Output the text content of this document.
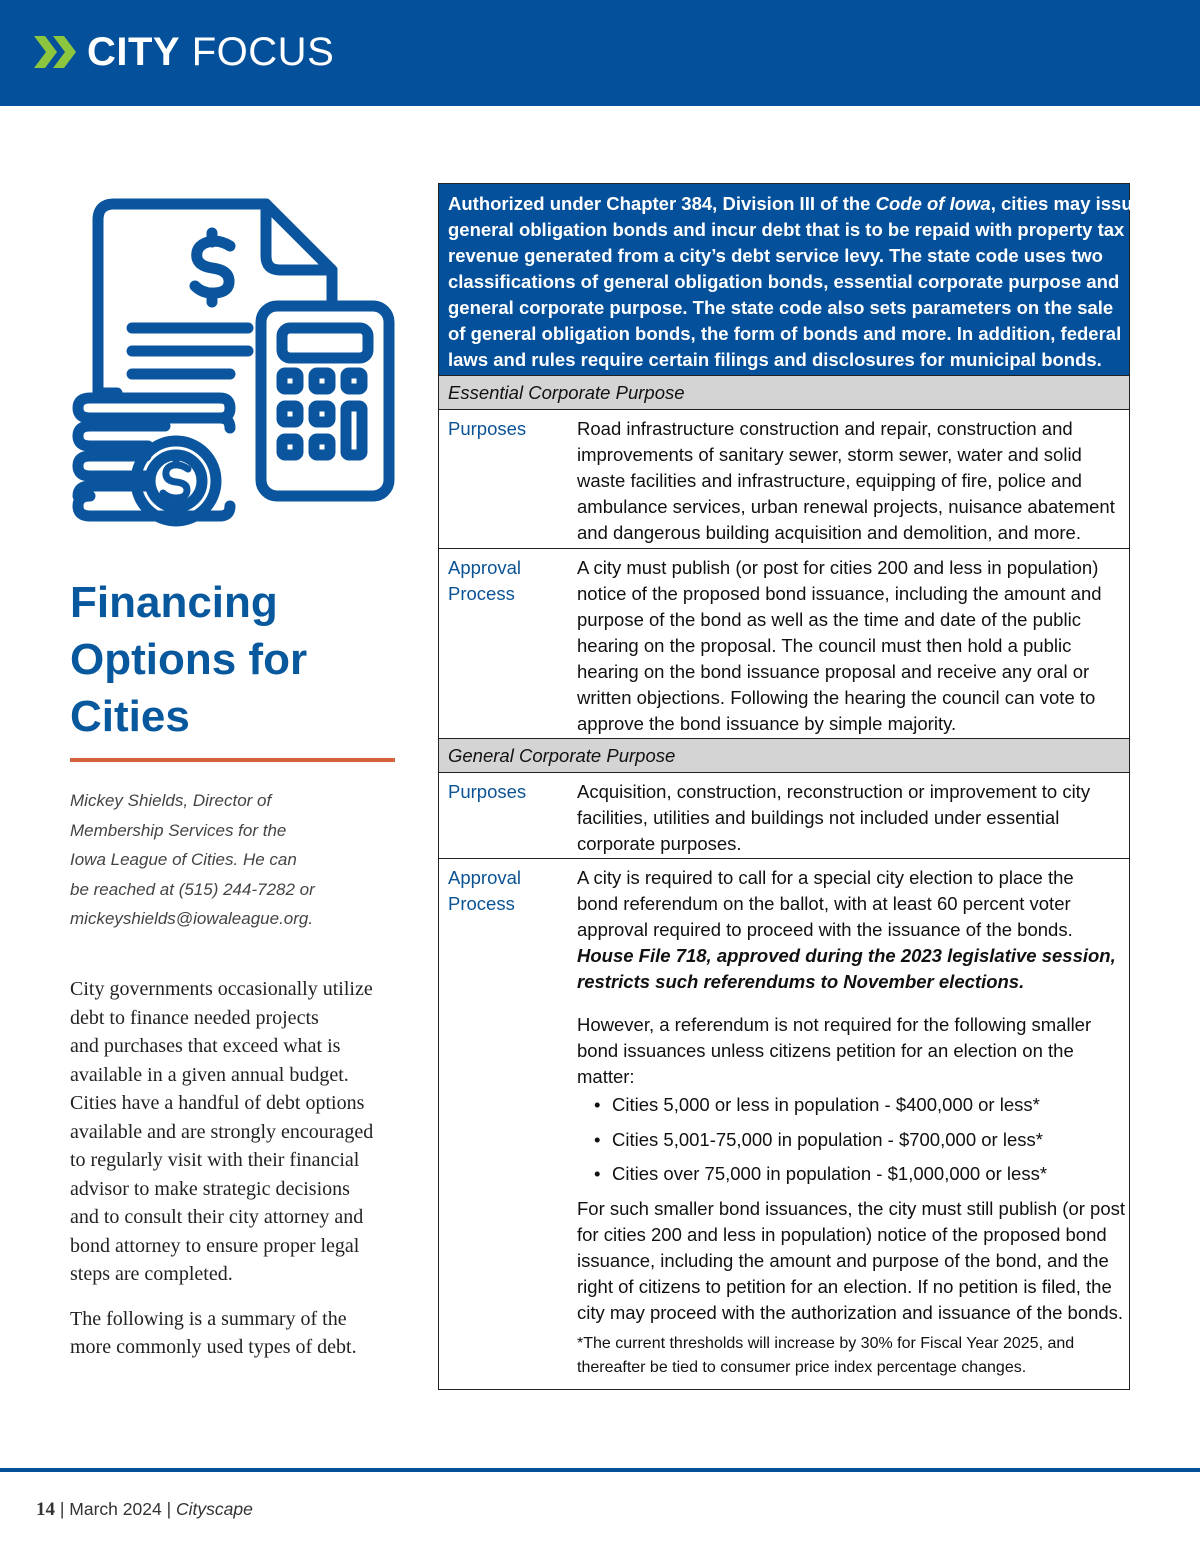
CITY FOCUS
Financing
Options for
Cities
Mickey Shields, Director of
Membership Services for the
Iowa League of Cities. He can
be reached at (515) 244-7282 or
mickeyshields@iowaleague.org.

City governments occasionally utilize
debt to finance needed projects
and purchases that exceed what is
available in a given annual budget.
Cities have a handful of debt options
available and are strongly encouraged
to regularly visit with their financial
advisor to make strategic decisions
and to consult their city attorney and
bond attorney to ensure proper legal
steps are completed.

The following is a summary of the
more commonly used types of debt.

Authorized under Chapter 384, Division III of the Code of Iowa, cities may issue
general obligation bonds and incur debt that is to be repaid with property tax
revenue generated from a city’s debt service levy. The state code uses two
classifications of general obligation bonds, essential corporate purpose and
general corporate purpose. The state code also sets parameters on the sale
of general obligation bonds, the form of bonds and more. In addition, federal
laws and rules require certain filings and disclosures for municipal bonds.
Essential Corporate Purpose
Purposes	Road infrastructure construction and repair, construction and
improvements of sanitary sewer, storm sewer, water and solid
waste facilities and infrastructure, equipping of fire, police and
ambulance services, urban renewal projects, nuisance abatement
and dangerous building acquisition and demolition, and more.
Approval
Process
A city must publish (or post for cities 200 and less in population)
notice of the proposed bond issuance, including the amount and
purpose of the bond as well as the time and date of the public
hearing on the proposal. The council must then hold a public
hearing on the bond issuance proposal and receive any oral or
written objections. Following the hearing the council can vote to
approve the bond issuance by simple majority.
General Corporate Purpose
Purposes	Acquisition, construction, reconstruction or improvement to city
facilities, utilities and buildings not included under essential
corporate purposes.
Approval
Process
A city is required to call for a special city election to place the
bond referendum on the ballot, with at least 60 percent voter
approval required to proceed with the issuance of the bonds.
House File 718, approved during the 2023 legislative session,
restricts such referendums to November elections.
However, a referendum is not required for the following smaller
bond issuances unless citizens petition for an election on the
matter:
• Cities 5,000 or less in population - $400,000 or less*
• Cities 5,001-75,000 in population - $700,000 or less*
• Cities over 75,000 in population - $1,000,000 or less*
For such smaller bond issuances, the city must still publish (or post
for cities 200 and less in population) notice of the proposed bond
issuance, including the amount and purpose of the bond, and the
right of citizens to petition for an election. If no petition is filed, the
city may proceed with the authorization and issuance of the bonds.
*The current thresholds will increase by 30% for Fiscal Year 2025, and
thereafter be tied to consumer price index percentage changes.
14 | March 2024 | Cityscape
